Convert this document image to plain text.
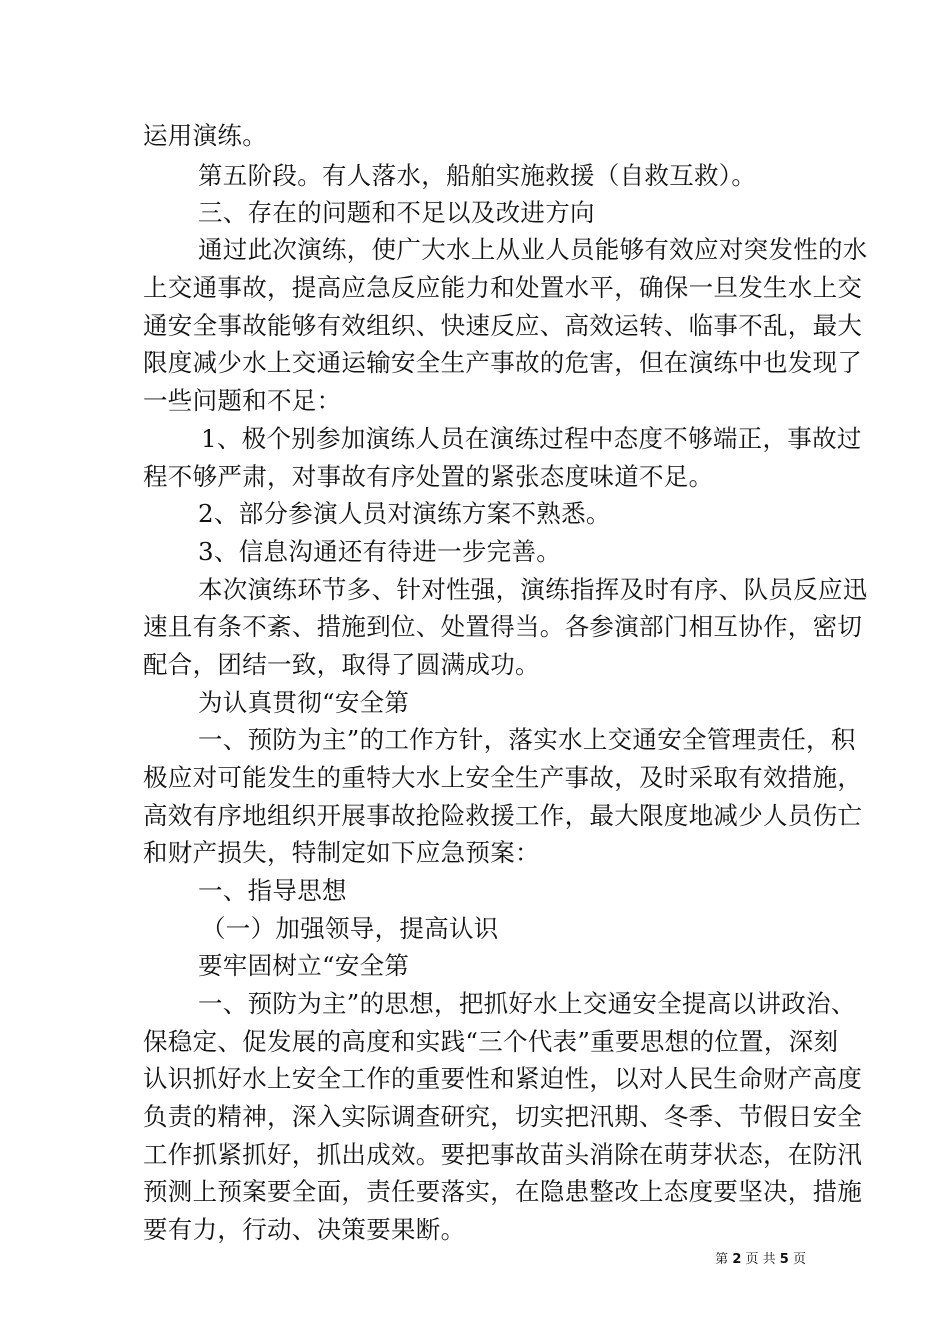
运用演练。
第五阶段。有人落水，船舶实施救援（自救互救）。
三、存在的问题和不足以及改进方向
通过此次演练，使广大水上从业人员能够有效应对突发性的水
上交通事故，提高应急反应能力和处置水平，确保一旦发生水上交
通安全事故能够有效组织、快速反应、高效运转、临事不乱，最大
限度减少水上交通运输安全生产事故的危害，但在演练中也发现了
一些问题和不足：
1、极个别参加演练人员在演练过程中态度不够端正，事故过
程不够严肃，对事故有序处置的紧张态度味道不足。
2、部分参演人员对演练方案不熟悉。
3、信息沟通还有待进一步完善。
本次演练环节多、针对性强，演练指挥及时有序、队员反应迅
速且有条不紊、措施到位、处置得当。各参演部门相互协作，密切
配合，团结一致，取得了圆满成功。
为认真贯彻“安全第
一、预防为主”的工作方针，落实水上交通安全管理责任，积
极应对可能发生的重特大水上安全生产事故，及时采取有效措施，
高效有序地组织开展事故抢险救援工作，最大限度地减少人员伤亡
和财产损失，特制定如下应急预案：
一、指导思想
（一）加强领导，提高认识
要牢固树立“安全第
一、预防为主”的思想，把抓好水上交通安全提高以讲政治、
保稳定、促发展的高度和实践“三个代表”重要思想的位置，深刻
认识抓好水上安全工作的重要性和紧迫性，以对人民生命财产高度
负责的精神，深入实际调查研究，切实把汛期、冬季、节假日安全
工作抓紧抓好，抓出成效。要把事故苗头消除在萌芽状态，在防汛
预测上预案要全面，责任要落实，在隐患整改上态度要坚决，措施
要有力，行动、决策要果断。
第 2 页 共 5 页
